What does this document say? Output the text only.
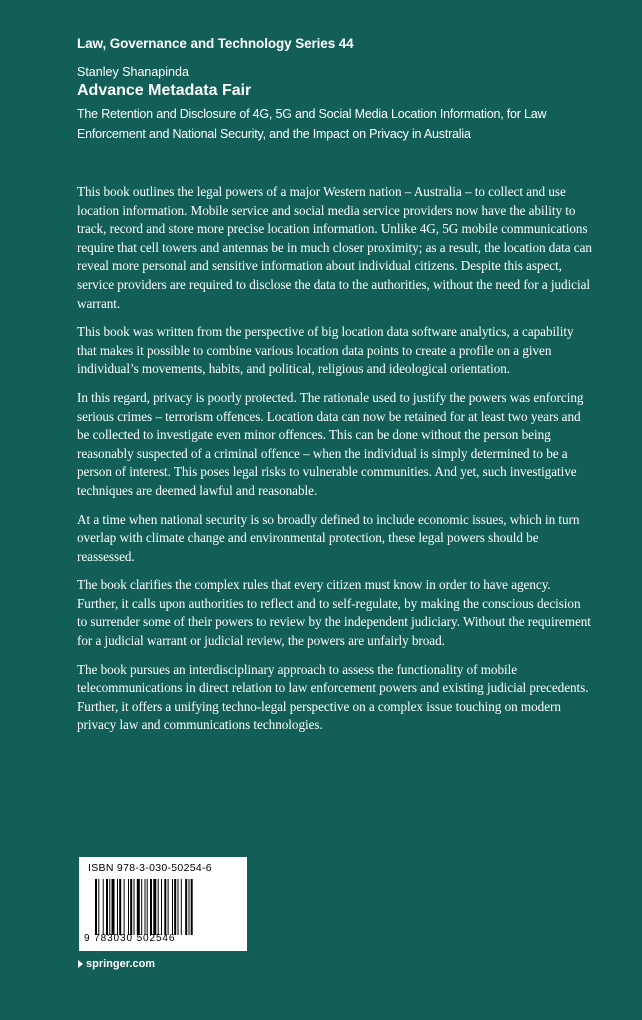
Law, Governance and Technology Series 44
Stanley Shanapinda
Advance Metadata Fair
The Retention and Disclosure of 4G, 5G and Social Media Location Information, for Law Enforcement and National Security, and the Impact on Privacy in Australia

This book outlines the legal powers of a major Western nation – Australia – to collect and use location information. Mobile service and social media service providers now have the ability to track, record and store more precise location information. Unlike 4G, 5G mobile communications require that cell towers and antennas be in much closer proximity; as a result, the location data can reveal more personal and sensitive information about individual citizens. Despite this aspect, service providers are required to disclose the data to the authorities, without the need for a judicial warrant.

This book was written from the perspective of big location data software analytics, a capability that makes it possible to combine various location data points to create a profile on a given individual’s movements, habits, and political, religious and ideological orientation.

In this regard, privacy is poorly protected. The rationale used to justify the powers was enforcing serious crimes – terrorism offences. Location data can now be retained for at least two years and be collected to investigate even minor offences. This can be done without the person being reasonably suspected of a criminal offence – when the individual is simply determined to be a person of interest. This poses legal risks to vulnerable communities. And yet, such investigative techniques are deemed lawful and reasonable.

At a time when national security is so broadly defined to include economic issues, which in turn overlap with climate change and environmental protection, these legal powers should be reassessed.

The book clarifies the complex rules that every citizen must know in order to have agency. Further, it calls upon authorities to reflect and to self-regulate, by making the conscious decision to surrender some of their powers to review by the independent judiciary. Without the requirement for a judicial warrant or judicial review, the powers are unfairly broad.

The book pursues an interdisciplinary approach to assess the functionality of mobile telecommunications in direct relation to law enforcement powers and existing judicial precedents. Further, it offers a unifying techno-legal perspective on a complex issue touching on modern privacy law and communications technologies.

ISBN 978-3-030-50254-6
9 783030 502546
springer.com
